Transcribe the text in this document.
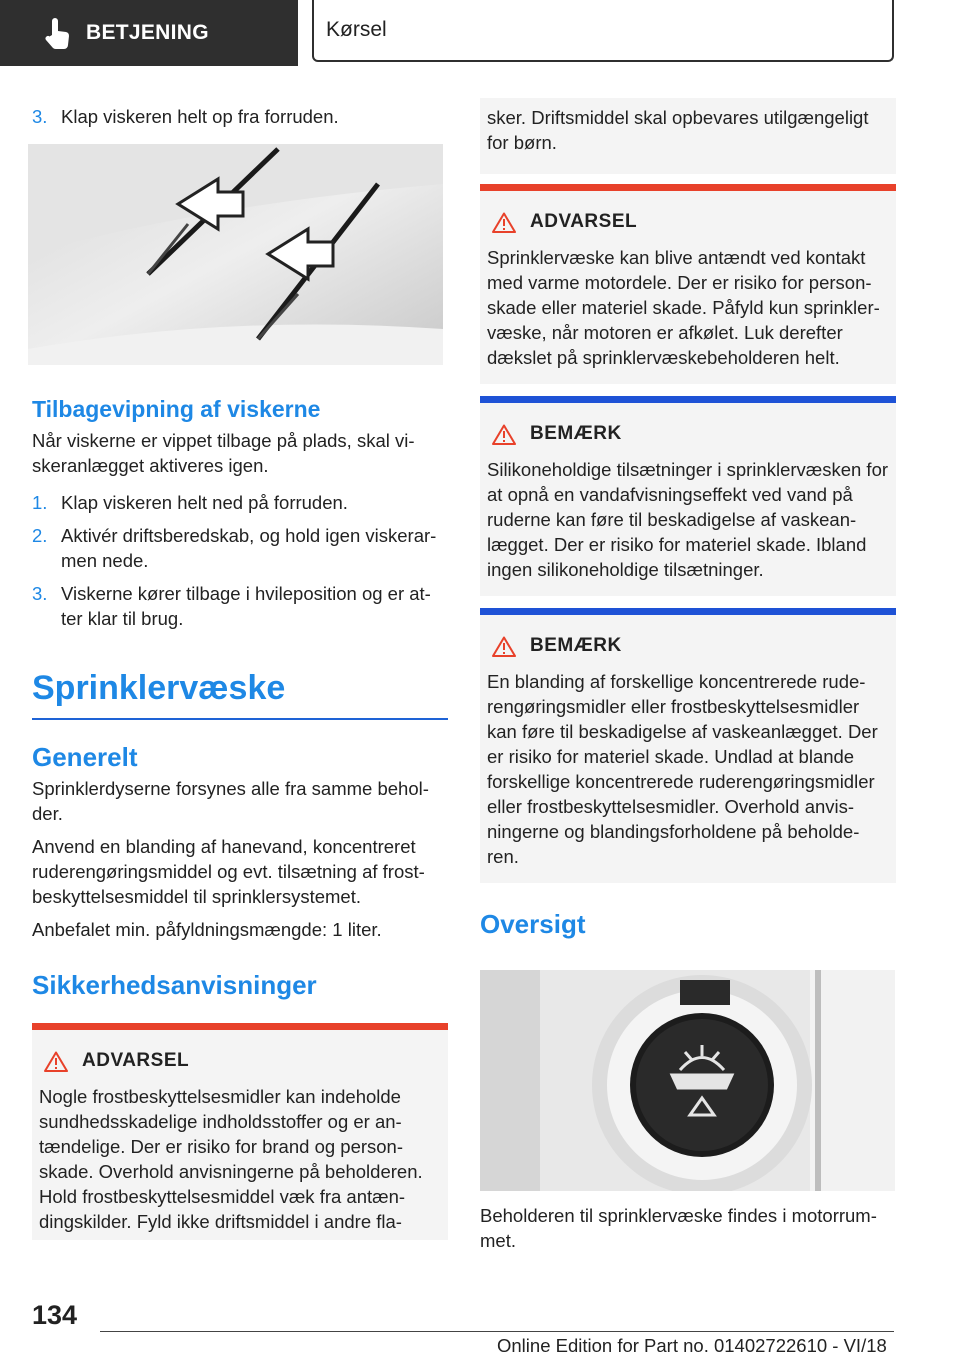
BETJENING	Kørsel
3. Klap viskeren helt op fra forruden.
Tilbagevipning af viskerne

Når viskerne er vippet tilbage på plads, skal vi-skeranlægget aktiveres igen.

1. Klap viskeren helt ned på forruden.
2. Aktivér driftsberedskab, og hold igen viskerar-men nede.
3. Viskerne kører tilbage i hvileposition og er at-ter klar til brug.
Sprinklervæske
Generelt

Sprinklerdyserne forsynes alle fra samme behol-der.

Anvend en blanding af hanevand, koncentreret ruderengøringsmiddel og evt. tilsætning af frost-beskyttelsesmiddel til sprinklersystemet.

Anbefalet min. påfyldningsmængde: 1 liter.

Sikkerhedsanvisninger
ADVARSEL

Nogle frostbeskyttelsesmidler kan indeholde sundhedsskadelige indholdsstoffer og er an-tændelige. Der er risiko for brand og person-skade. Overhold anvisningerne på beholderen. Hold frostbeskyttelsesmiddel væk fra antæn-dingskilder. Fyld ikke driftsmiddel i andre fla-

sker. Driftsmiddel skal opbevares utilgængeligt for børn.

ADVARSEL

Sprinklervæske kan blive antændt ved kontakt med varme motordele. Der er risiko for person-skade eller materiel skade. Påfyld kun sprinkler-væske, når motoren er afkølet. Luk derefter dækslet på sprinklervæskebeholderen helt.

BEMÆRK

Silikoneholdige tilsætninger i sprinklervæsken for at opnå en vandafvisningseffekt ved vand på ruderne kan føre til beskadigelse af vaskean-lægget. Der er risiko for materiel skade. Ibland ingen silikoneholdige tilsætninger.

BEMÆRK

En blanding af forskellige koncentrerede rude-rengøringsmidler eller frostbeskyttelsesmidler kan føre til beskadigelse af vaskeanlægget. Der er risiko for materiel skade. Undlad at blande forskellige koncentrerede ruderengøringsmidler eller frostbeskyttelsesmidler. Overhold anvis-ningerne og blandingsforholdene på beholde-ren.

Oversigt

Beholderen til sprinklervæske findes i motorrum-met.

134
Online Edition for Part no. 01402722610 - VI/18
